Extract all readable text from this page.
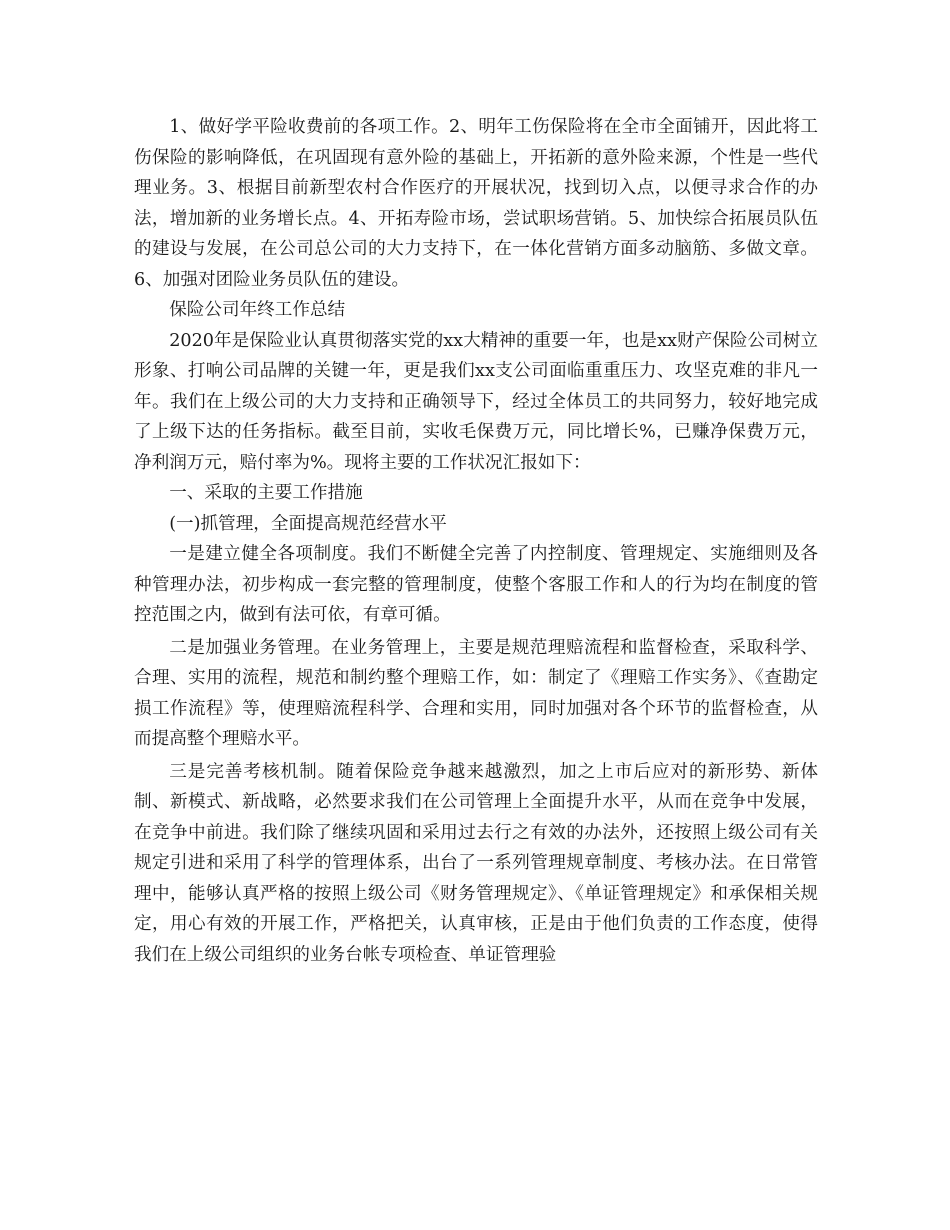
1、做好学平险收费前的各项工作。2、明年工伤保险将在全市全面铺开，因此将工伤保险的影响降低，在巩固现有意外险的基础上，开拓新的意外险来源，个性是一些代理业务。3、根据目前新型农村合作医疗的开展状况，找到切入点，以便寻求合作的办法，增加新的业务增长点。4、开拓寿险市场，尝试职场营销。5、加快综合拓展员队伍的建设与发展，在公司总公司的大力支持下，在一体化营销方面多动脑筋、多做文章。6、加强对团险业务员队伍的建设。

保险公司年终工作总结

2020年是保险业认真贯彻落实党的xx大精神的重要一年，也是xx财产保险公司树立形象、打响公司品牌的关键一年，更是我们xx支公司面临重重压力、攻坚克难的非凡一年。我们在上级公司的大力支持和正确领导下，经过全体员工的共同努力，较好地完成了上级下达的任务指标。截至目前，实收毛保费万元，同比增长%，已赚净保费万元，净利润万元，赔付率为%。现将主要的工作状况汇报如下：

一、采取的主要工作措施

(一)抓管理，全面提高规范经营水平

一是建立健全各项制度。我们不断健全完善了内控制度、管理规定、实施细则及各种管理办法，初步构成一套完整的管理制度，使整个客服工作和人的行为均在制度的管控范围之内，做到有法可依，有章可循。

二是加强业务管理。在业务管理上，主要是规范理赔流程和监督检查，采取科学、合理、实用的流程，规范和制约整个理赔工作，如：制定了《理赔工作实务》、《查勘定损工作流程》等，使理赔流程科学、合理和实用，同时加强对各个环节的监督检查，从而提高整个理赔水平。

三是完善考核机制。随着保险竞争越来越激烈，加之上市后应对的新形势、新体制、新模式、新战略，必然要求我们在公司管理上全面提升水平，从而在竞争中发展，在竞争中前进。我们除了继续巩固和采用过去行之有效的办法外，还按照上级公司有关规定引进和采用了科学的管理体系，出台了一系列管理规章制度、考核办法。在日常管理中，能够认真严格的按照上级公司《财务管理规定》、《单证管理规定》和承保相关规定，用心有效的开展工作，严格把关，认真审核，正是由于他们负责的工作态度，使得我们在上级公司组织的业务台帐专项检查、单证管理验
